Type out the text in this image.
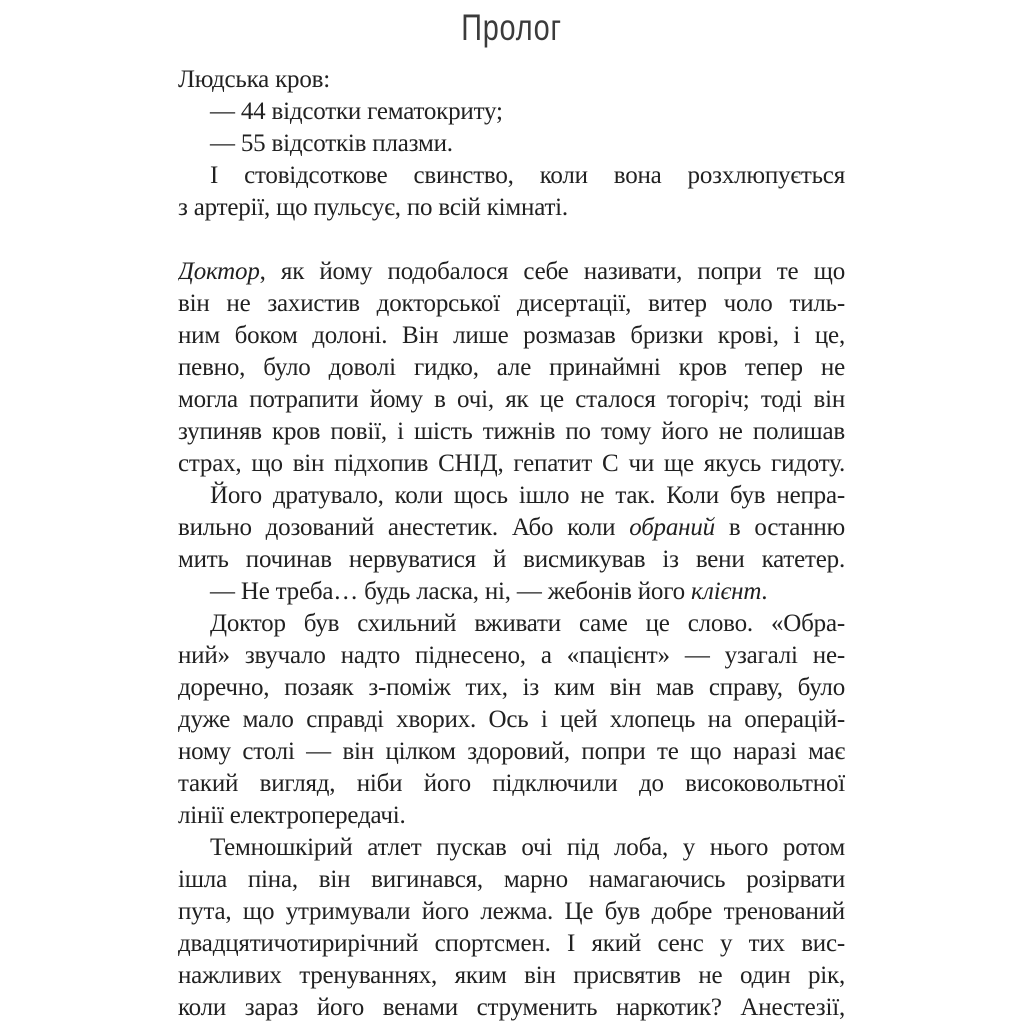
Пролог
Людська кров:
— 44 відсотки гематокриту;
— 55 відсотків плазми.
І стовідсоткове свинство, коли вона розхлюпується
з артерії, що пульсує, по всій кімнаті.
Доктор, як йому подобалося себе називати, попри те що
він не захистив докторської дисертації, витер чоло тиль-
ним боком долоні. Він лише розмазав бризки крові, і це,
певно, було доволі гидко, але принаймні кров тепер не
могла потрапити йому в очі, як це сталося тогоріч; тоді він
зупиняв кров повії, і шість тижнів по тому його не полишав
страх, що він підхопив СНІД, гепатит C чи ще якусь гидоту.
Його дратувало, коли щось ішло не так. Коли був непра-
вильно дозований анестетик. Або коли обраний в останню
мить починав нервуватися й висмикував із вени катетер.
— Не треба… будь ласка, ні, — жебонів його клієнт.
Доктор був схильний вживати саме це слово. «Обра-
ний» звучало надто піднесено, а «пацієнт» — узагалі не-
доречно, позаяк з-поміж тих, із ким він мав справу, було
дуже мало справді хворих. Ось і цей хлопець на операцій-
ному столі — він цілком здоровий, попри те що наразі має
такий вигляд, ніби його підключили до високовольтної
лінії електропередачі.
Темношкірий атлет пускав очі під лоба, у нього ротом
ішла піна, він вигинався, марно намагаючись розірвати
пута, що утримували його лежма. Це був добре тренований
двадцятичотирирічний спортсмен. І який сенс у тих вис-
нажливих тренуваннях, яким він присвятив не один рік,
коли зараз його венами струменить наркотик? Анестезії,
